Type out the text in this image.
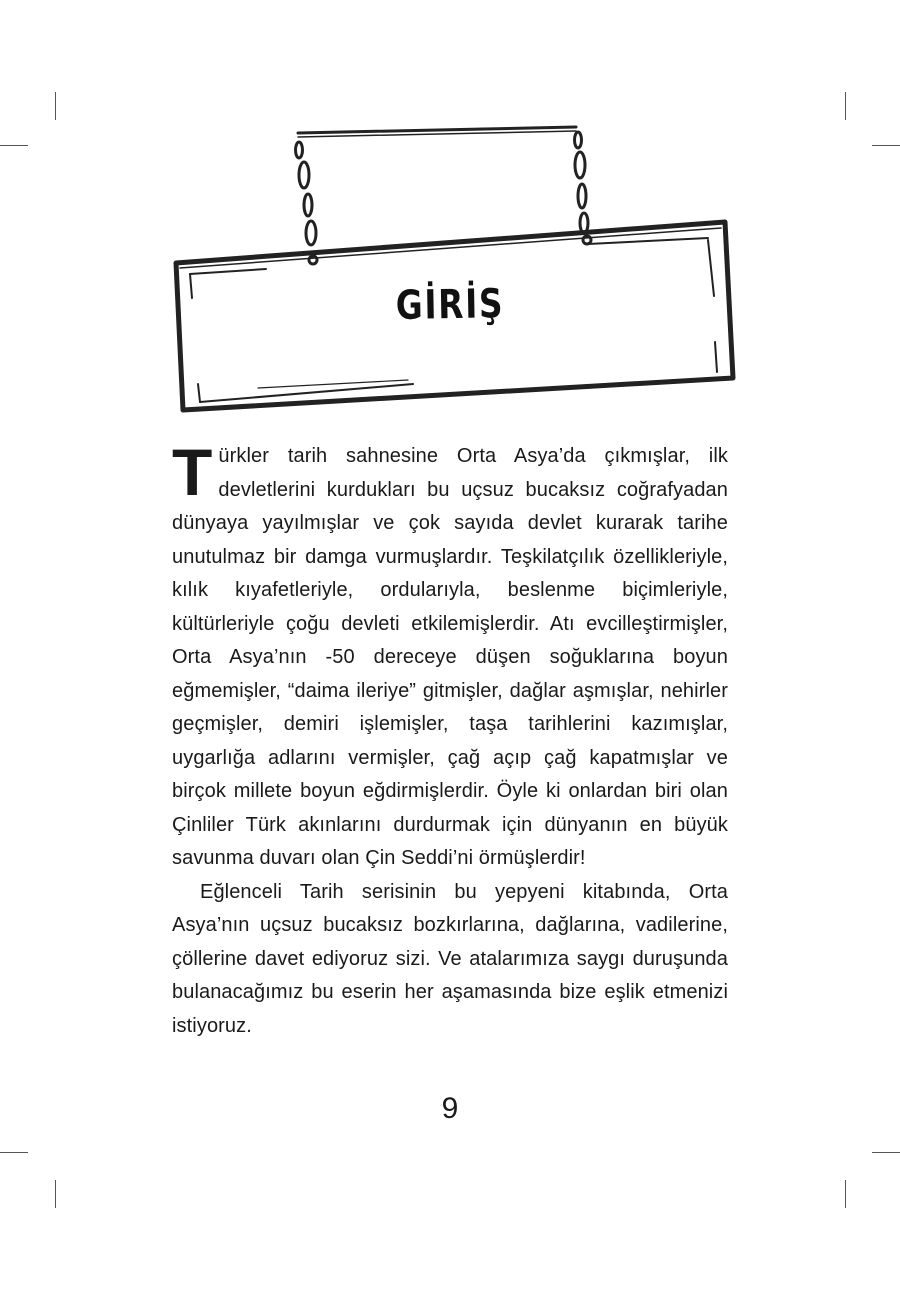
GİRİŞ

Türkler tarih sahnesine Orta Asya’da çıkmışlar, ilk devletlerini kurdukları bu uçsuz bucaksız coğrafyadan dünyaya yayılmışlar ve çok sayıda devlet kurarak tarihe unutulmaz bir damga vurmuşlardır. Teşkilatçılık özellikleriyle, kılık kıyafetleriyle, ordularıyla, beslenme biçimleriyle, kültürleriyle çoğu devleti etkilemişlerdir. Atı evcilleştirmişler, Orta Asya’nın -50 dereceye düşen soğuklarına boyun eğmemişler, “daima ileriye” gitmişler, dağlar aşmışlar, nehirler geçmişler, demiri işlemişler, taşa tarihlerini kazımışlar, uygarlığa adlarını vermişler, çağ açıp çağ kapatmışlar ve birçok millete boyun eğdirmişlerdir. Öyle ki onlardan biri olan Çinliler Türk akınlarını durdurmak için dünyanın en büyük savunma duvarı olan Çin Seddi’ni örmüşlerdir!

Eğlenceli Tarih serisinin bu yepyeni kitabında, Orta Asya’nın uçsuz bucaksız bozkırlarına, dağlarına, vadilerine, çöllerine davet ediyoruz sizi. Ve atalarımıza saygı duruşunda bulanacağımız bu eserin her aşamasında bize eşlik etmenizi istiyoruz.

9
